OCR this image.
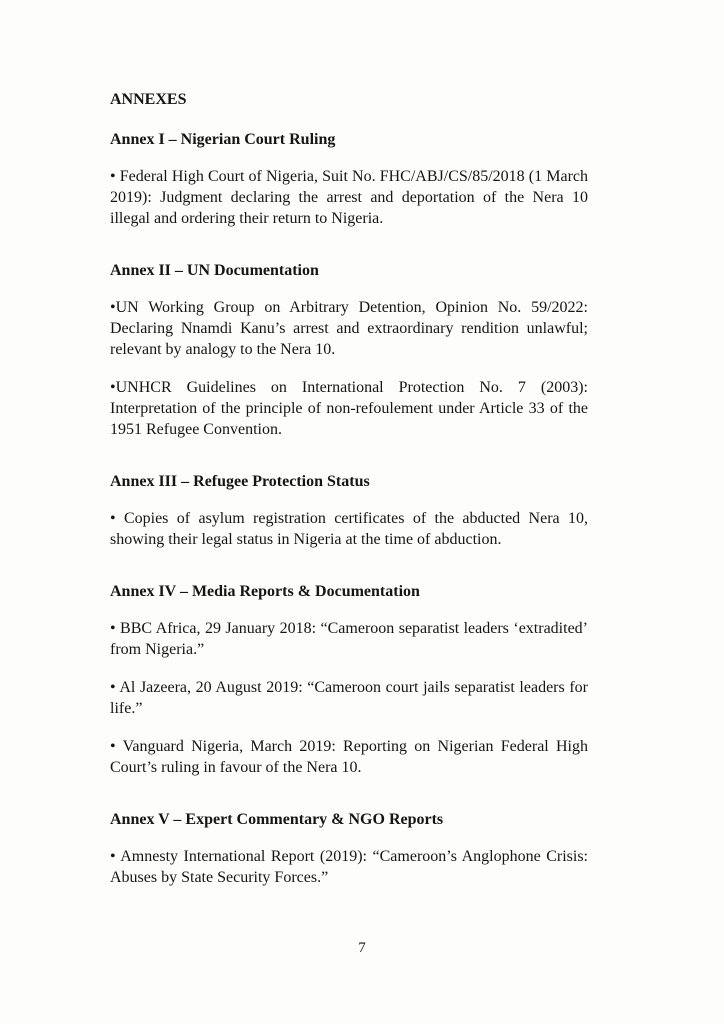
ANNEXES
Annex I – Nigerian Court Ruling

• Federal High Court of Nigeria, Suit No. FHC/ABJ/CS/85/2018 (1 March 2019): Judgment declaring the arrest and deportation of the Nera 10 illegal and ordering their return to Nigeria.

Annex II – UN Documentation

•UN Working Group on Arbitrary Detention, Opinion No. 59/2022: Declaring Nnamdi Kanu’s arrest and extraordinary rendition unlawful; relevant by analogy to the Nera 10.

•UNHCR Guidelines on International Protection No. 7 (2003): Interpretation of the principle of non-refoulement under Article 33 of the 1951 Refugee Convention.

Annex III – Refugee Protection Status

• Copies of asylum registration certificates of the abducted Nera 10, showing their legal status in Nigeria at the time of abduction.

Annex IV – Media Reports & Documentation

• BBC Africa, 29 January 2018: “Cameroon separatist leaders ‘extradited’ from Nigeria.”

• Al Jazeera, 20 August 2019: “Cameroon court jails separatist leaders for life.”

• Vanguard Nigeria, March 2019: Reporting on Nigerian Federal High Court’s ruling in favour of the Nera 10.

Annex V – Expert Commentary & NGO Reports

• Amnesty International Report (2019): “Cameroon’s Anglophone Crisis: Abuses by State Security Forces.”

7
